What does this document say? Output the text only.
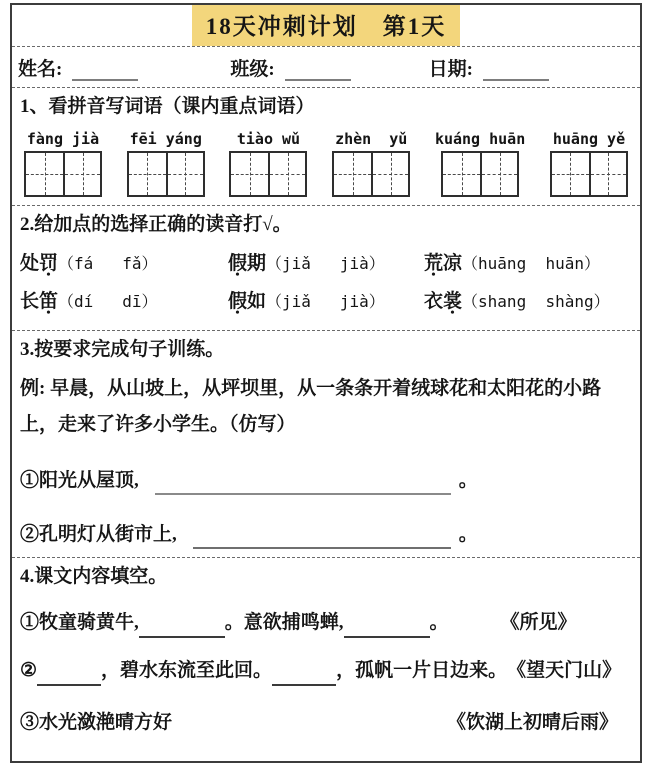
18天冲刺计划　第1天
姓名:	班级:	日期:
1、看拼音写词语（课内重点词语）
fàng jià fēi yáng tiào wǔ zhèn  yǔ kuáng huān huāng yě
2.给加点的选择正确的读音打√。
处 罚 • （fá   fǎ）	假 • 期 （jiǎ   jià） 荒 • 凉 （huāng  huān）
长 笛 • （dí   dī）	假 • 如 （jiǎ   jià） 衣 裳 • （shang  shàng）
3.按要求完成句子训练。
例: 早晨，从山坡上，从坪坝里，从一条条开着绒球花和太阳花的小路上，走来了许多小学生。（仿写）
①阳光从屋顶,	。
②孔明灯从街市上,	。
4.课文内容填空。
①牧童骑黄牛,	。意欲捕鸣蝉,	。	《所见》
②	，碧水东流至此回。	，孤帆一片日边来。 《望天门山》
③水光潋滟晴方好	《饮湖上初晴后雨》
